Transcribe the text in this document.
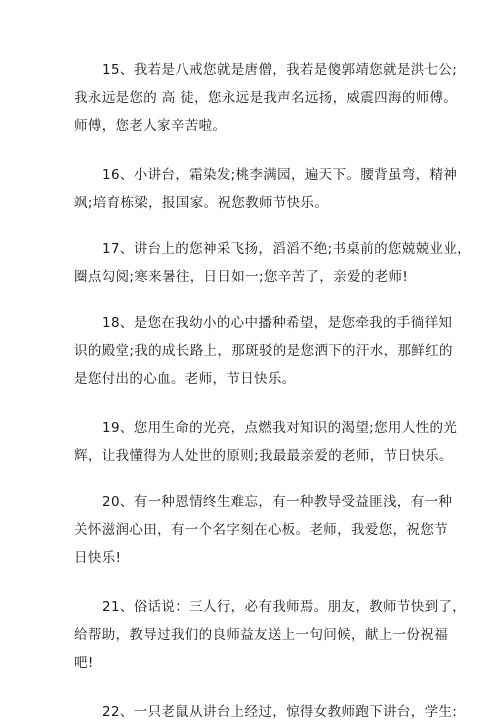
15、我若是八戒您就是唐僧，我若是傻郭靖您就是洪七公;
我永远是您的 高 徒，您永远是我声名远扬，威震四海的师傅。
师傅，您老人家辛苦啦。
16、小讲台，霜染发;桃李满园，遍天下。腰背虽弯，精神
飒;培育栋梁，报国家。祝您教师节快乐。
17、讲台上的您神采飞扬，滔滔不绝;书桌前的您兢兢业业，
圈点勾阅;寒来暑往，日日如一;您辛苦了，亲爱的老师!
18、是您在我幼小的心中播种希望，是您牵我的手徜徉知
识的殿堂;我的成长路上，那斑驳的是您洒下的汗水，那鲜红的
是您付出的心血。老师，节日快乐。
19、您用生命的光亮，点燃我对知识的渴望;您用人性的光
辉，让我懂得为人处世的原则;我最最亲爱的老师，节日快乐。
20、有一种恩情终生难忘，有一种教导受益匪浅，有一种
关怀滋润心田，有一个名字刻在心板。老师，我爱您，祝您节
日快乐!
21、俗话说：三人行，必有我师焉。朋友，教师节快到了，
给帮助，教导过我们的良师益友送上一句问候，献上一份祝福
吧!
22、一只老鼠从讲台上经过，惊得女教师跑下讲台，学生:
